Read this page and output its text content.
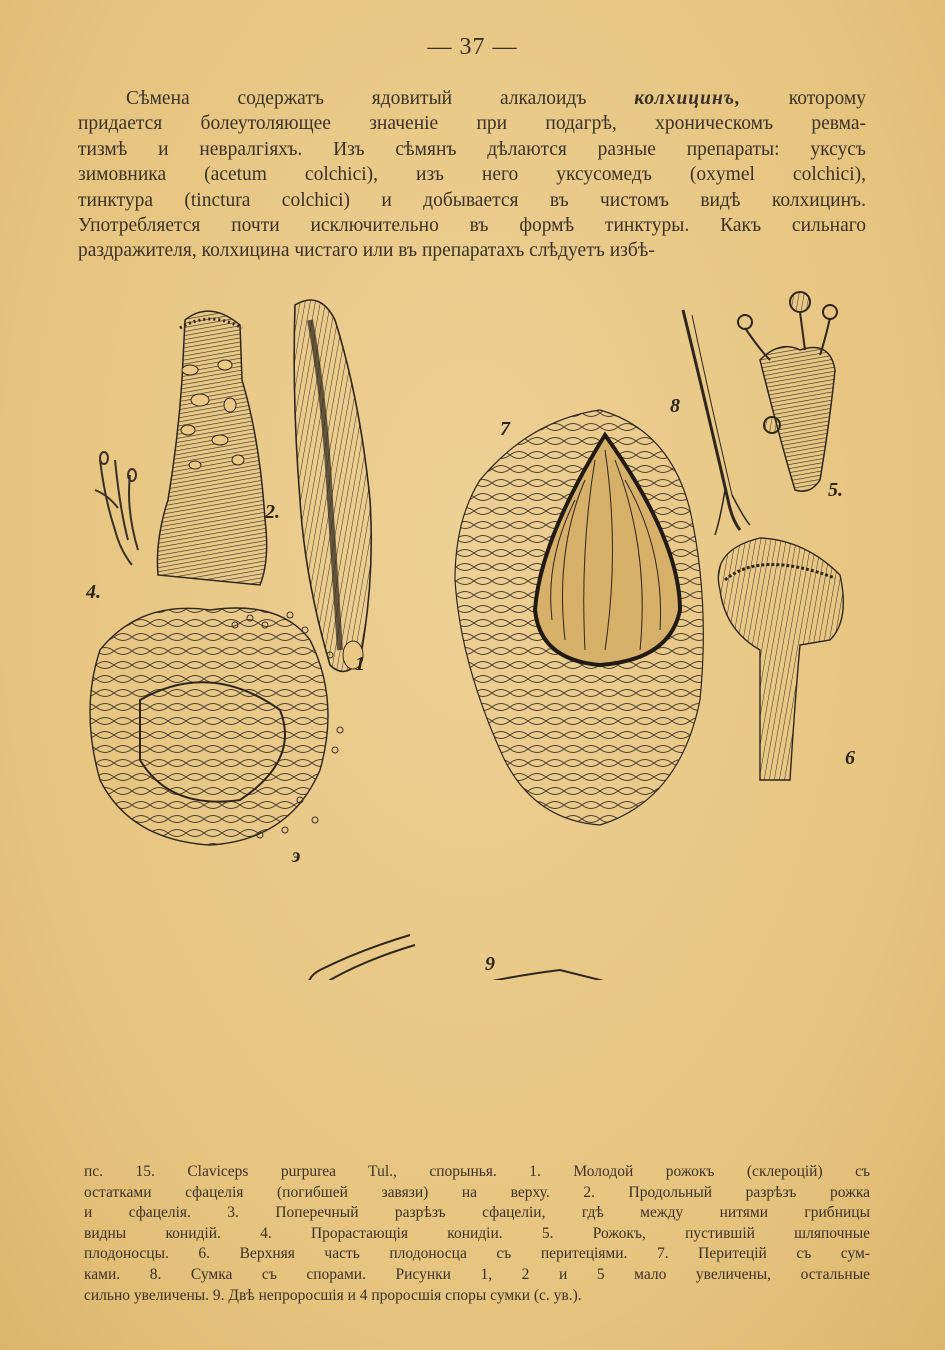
— 37 —
Сѣмена содержатъ ядовитый алкалоидъ колхицинъ, которому
придается болеутоляющее значеніе при подагрѣ, хроническомъ ревма-
тизмѣ и невралгіяхъ. Изъ сѣмянъ дѣлаются разные препараты: уксусъ
зимовника (acetum colchici), изъ него уксусомедъ (oxymel colchici),
тинктура (tinctura colchici) и добывается въ чистомъ видѣ колхицинъ.
Употребляется почти исключительно въ формѣ тинктуры. Какъ сильнаго
раздражителя, колхицина чистаго или въ препаратахъ слѣдуетъ избѣ-
1
2.
э
4.
5.
6
7
8
9
пс. 15. Claviceps purpurea Tul., спорынья. 1. Молодой рожокъ (склероцій) съ
остатками сфацелія (погибшей завязи) на верху. 2. Продольный разрѣзъ рожка
и сфацелія. 3. Поперечный разрѣзъ сфацеліи, гдѣ между нитями грибницы
видны конидій. 4. Прорастающія конидіи. 5. Рожокъ, пустившій шляпочные
плодоносцы. 6. Верхняя часть плодоносца съ перитеціями. 7. Перитецій съ сум-
ками. 8. Сумка съ спорами. Рисунки 1, 2 и 5 мало увеличены, остальные
сильно увеличены. 9. Двѣ непроросшія и 4 проросшія споры сумки (с. ув.).
